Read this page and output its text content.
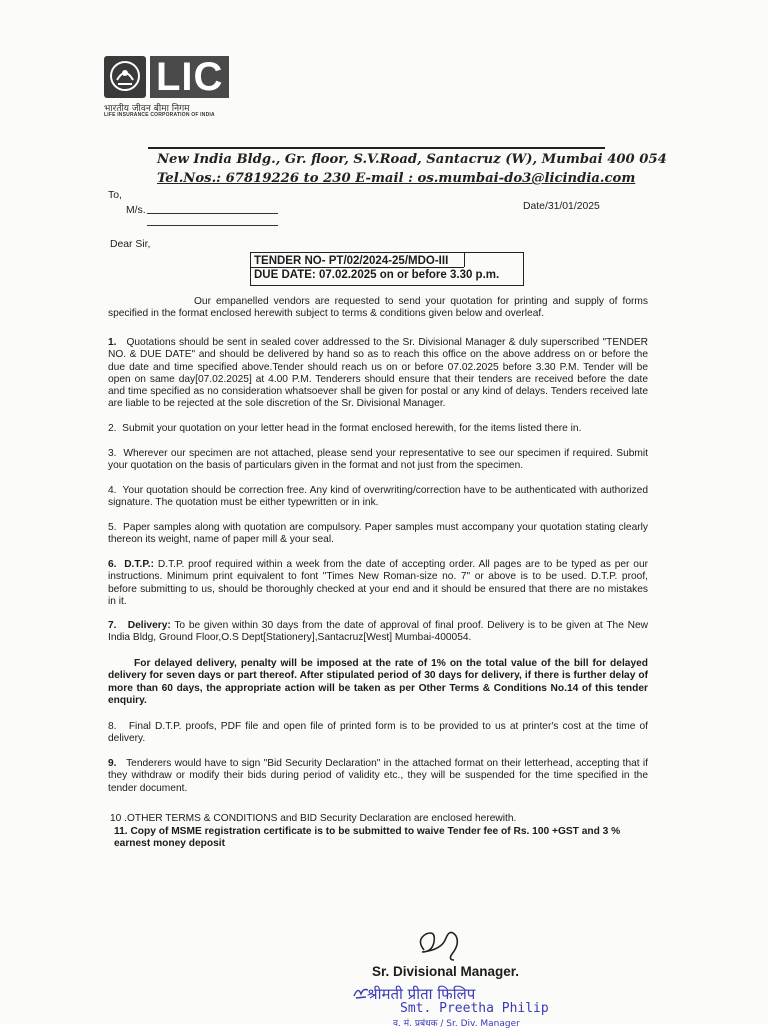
LIC
भारतीय जीवन बीमा निगम
LIFE INSURANCE CORPORATION OF INDIA
New India Bldg., Gr. floor, S.V.Road, Santacruz (W), Mumbai 400 054
Tel.Nos.: 67819226 to 230 E-mail : os.mumbai-do3@licindia.com
To,
M/s.	Date/31/01/2025
Dear Sir,
TENDER NO- PT/02/2024-25/MDO-III
DUE DATE: 07.02.2025 on or before 3.30 p.m.
Our empanelled vendors are requested to send your quotation for printing and supply of forms specified in the format enclosed herewith subject to terms & conditions given below and overleaf.
1. Quotations should be sent in sealed cover addressed to the Sr. Divisional Manager & duly superscribed "TENDER NO. & DUE DATE" and should be delivered by hand so as to reach this office on the above address on or before the due date and time specified above.Tender should reach us on or before 07.02.2025 before 3.30 P.M. Tender will be open on same day[07.02.2025] at 4.00 P.M. Tenderers should ensure that their tenders are received before the date and time specified as no consideration whatsoever shall be given for postal or any kind of delays. Tenders received late are liable to be rejected at the sole discretion of the Sr. Divisional Manager.
2. Submit your quotation on your letter head in the format enclosed herewith, for the items listed there in.
3. Wherever our specimen are not attached, please send your representative to see our specimen if required. Submit your quotation on the basis of particulars given in the format and not just from the specimen.
4. Your quotation should be correction free. Any kind of overwriting/correction have to be authenticated with authorized signature. The quotation must be either typewritten or in ink.
5. Paper samples along with quotation are compulsory. Paper samples must accompany your quotation stating clearly thereon its weight, name of paper mill & your seal.
6. D.T.P.: D.T.P. proof required within a week from the date of accepting order. All pages are to be typed as per our instructions. Minimum print equivalent to font "Times New Roman-size no. 7" or above is to be used. D.T.P. proof, before submitting to us, should be thoroughly checked at your end and it should be ensured that there are no mistakes in it.
7. Delivery: To be given within 30 days from the date of approval of final proof. Delivery is to be given at The New India Bldg, Ground Floor,O.S Dept[Stationery],Santacruz[West] Mumbai-400054.
For delayed delivery, penalty will be imposed at the rate of 1% on the total value of the bill for delayed delivery for seven days or part thereof. After stipulated period of 30 days for delivery, if there is further delay of more than 60 days, the appropriate action will be taken as per Other Terms & Conditions No.14 of this tender enquiry.
8. Final D.T.P. proofs, PDF file and open file of printed form is to be provided to us at printer's cost at the time of delivery.
9. Tenderers would have to sign "Bid Security Declaration" in the attached format on their letterhead, accepting that if they withdraw or modify their bids during period of validity etc., they will be suspended for the time specified in the tender document.
10 .OTHER TERMS & CONDITIONS and BID Security Declaration are enclosed herewith.
11. Copy of MSME registration certificate is to be submitted to waive Tender fee of Rs. 100 +GST and 3 % earnest money deposit
Sr. Divisional Manager.
श्रीमती प्रीता फिलिप
Smt. Preetha Philip
व. मं. प्रबंधक / Sr. Div. Manager
